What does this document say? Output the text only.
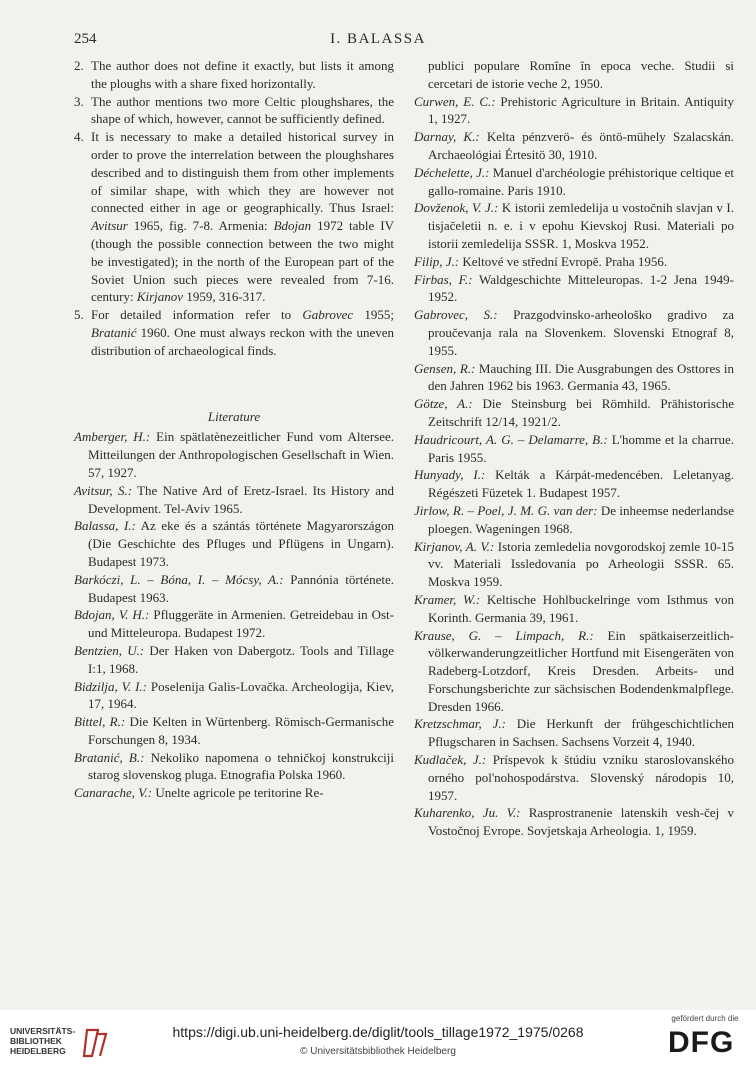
254	I. BALASSA
2. The author does not define it exactly, but lists it among the ploughs with a share fixed horizontally.
3. The author mentions two more Celtic ploughshares, the shape of which, however, cannot be sufficiently defined.
4. It is necessary to make a detailed historical survey in order to prove the interrelation between the ploughshares described and to distinguish them from other implements of similar shape, with which they are however not connected either in age or geographically. Thus Israel: Avitsur 1965, fig. 7-8. Armenia: Bdojan 1972 table IV (though the possible connection between the two might be investigated); in the north of the European part of the Soviet Union such pieces were revealed from 7-16. century: Kirjanov 1959, 316-317.
5. For detailed information refer to Gabrovec 1955; Bratanić 1960. One must always reckon with the uneven distribution of archaeological finds.
Literature
Amberger, H.: Ein spätlatènezeitlicher Fund vom Altersee. Mitteilungen der Anthropologischen Gesellschaft in Wien. 57, 1927.
Avitsur, S.: The Native Ard of Eretz-Israel. Its History and Development. Tel-Aviv 1965.
Balassa, I.: Az eke és a szántás története Magyarországon (Die Geschichte des Pfluges und Pflügens in Ungarn). Budapest 1973.
Barkóczi, L. – Bóna, I. – Mócsy, A.: Pannónia története. Budapest 1963.
Bdojan, V. H.: Pfluggeräte in Armenien. Getreidebau in Ost- und Mitteleuropa. Budapest 1972.
Bentzien, U.: Der Haken von Dabergotz. Tools and Tillage I:1, 1968.
Bidzilja, V. I.: Poselenija Galis-Lovačka. Archeologija, Kiev, 17, 1964.
Bittel, R.: Die Kelten in Würtenberg. Römisch-Germanische Forschungen 8, 1934.
Bratanić, B.: Nekoliko napomena o tehničkoj konstrukciji starog slovenskog pluga. Etnografia Polska 1960.
Canarache, V.: Unelte agricole pe teritorine Re-
publici populare Romîne în epoca veche. Studii si cercetari de istorie veche 2, 1950.
Curwen, E. C.: Prehistoric Agriculture in Britain. Antiquity 1, 1927.
Darnay, K.: Kelta pénzverö- és öntö-mühely Szalacskán. Archaeológiai Értesitö 30, 1910.
Déchelette, J.: Manuel d'archéologie préhistorique celtique et gallo-romaine. Paris 1910.
Dovženok, V. J.: K istorii zemledelija u vostočnih slavjan v I. tisjačeletii n. e. i v epohu Kievskoj Rusi. Materiali po istorii zemledelija SSSR. 1, Moskva 1952.
Filip, J.: Keltové ve střední Evropě. Praha 1956.
Firbas, F.: Waldgeschichte Mitteleuropas. 1-2 Jena 1949-1952.
Gabrovec, S.: Prazgodvinsko-arheološko gradivo za proučevanja rala na Slovenkem. Slovenski Etnograf 8, 1955.
Gensen, R.: Mauching III. Die Ausgrabungen des Osttores in den Jahren 1962 bis 1963. Germania 43, 1965.
Götze, A.: Die Steinsburg bei Römhild. Prähistorische Zeitschrift 12/14, 1921/2.
Haudricourt, A. G. – Delamarre, B.: L'homme et la charrue. Paris 1955.
Hunyady, I.: Kelták a Kárpát-medencében. Leletanyag. Régészeti Füzetek 1. Budapest 1957.
Jirlow, R. – Poel, J. M. G. van der: De inheemse nederlandse ploegen. Wageningen 1968.
Kirjanov, A. V.: Istoria zemledelia novgorodskoj zemle 10-15 vv. Materiali Issledovania po Arheologii SSSR. 65. Moskva 1959.
Kramer, W.: Keltische Hohlbuckelringe vom Isthmus von Korinth. Germania 39, 1961.
Krause, G. – Limpach, R.: Ein spätkaiserzeitlich-völkerwanderungzeitlicher Hortfund mit Eisengeräten von Radeberg-Lotzdorf, Kreis Dresden. Arbeits- und Forschungsberichte zur sächsischen Bodendenkmalpflege. Dresden 1966.
Kretzschmar, J.: Die Herkunft der frühgeschichtlichen Pflugscharen in Sachsen. Sachsens Vorzeit 4, 1940.
Kudlaček, J.: Príspevok k štúdiu vzniku staroslovanského orného pol'nohospodárstva. Slovenský národopis 10, 1957.
Kuharenko, Ju. V.: Rasprostranenie latenskih vesh-čej v Vostočnoj Evrope. Sovjetskaja Arheologia. 1, 1959.
UNIVERSITÄTS-
BIBLIOTHEK
HEIDELBERG
https://digi.ub.uni-heidelberg.de/diglit/tools_tillage1972_1975/0268
© Universitätsbibliothek Heidelberg
gefördert durch die
DFG
